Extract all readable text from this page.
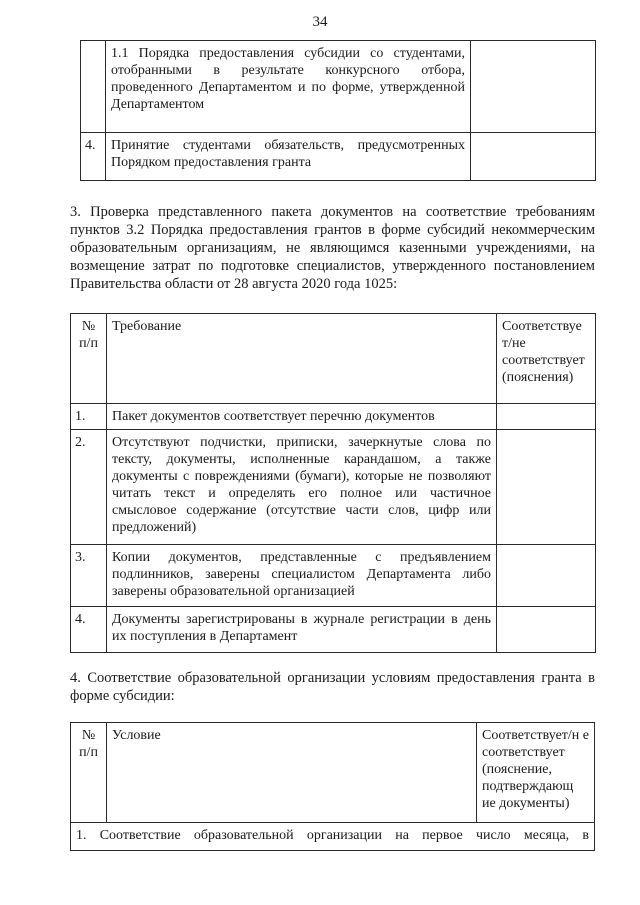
34
	1.1 Порядка предоставления субсидии со студентами, отобранными в результате конкурсного отбора, проведенного Департаментом и по форме, утвержденной Департаментом	
4.	Принятие студентами обязательств, предусмотренных Порядком предоставления гранта	
3. Проверка представленного пакета документов на соответствие требованиям пунктов 3.2 Порядка предоставления грантов в форме субсидий некоммерческим образовательным организациям, не являющимся казенными учреждениями, на возмещение затрат по подготовке специалистов, утвержденного постановлением Правительства области от 28 августа 2020 года 1025:
№ п/п	Требование	Соответствуе т/не соответствует (пояснения)
1.	Пакет документов соответствует перечню документов	
2.	Отсутствуют подчистки, приписки, зачеркнутые слова по тексту, документы, исполненные карандашом, а также документы с повреждениями (бумаги), которые не позволяют читать текст и определять его полное или частичное смысловое содержание (отсутствие части слов, цифр или предложений)	
3.	Копии документов, представленные с предъявлением подлинников, заверены специалистом Департамента либо заверены образовательной организацией	
4.	Документы зарегистрированы в журнале регистрации в день их поступления в Департамент	
4. Соответствие образовательной организации условиям предоставления гранта в форме субсидии:
№ п/п	Условие	Соответствует/н е соответствует (пояснение, подтверждающ ие документы)
1. Соответствие образовательной организации на первое число месяца, в
